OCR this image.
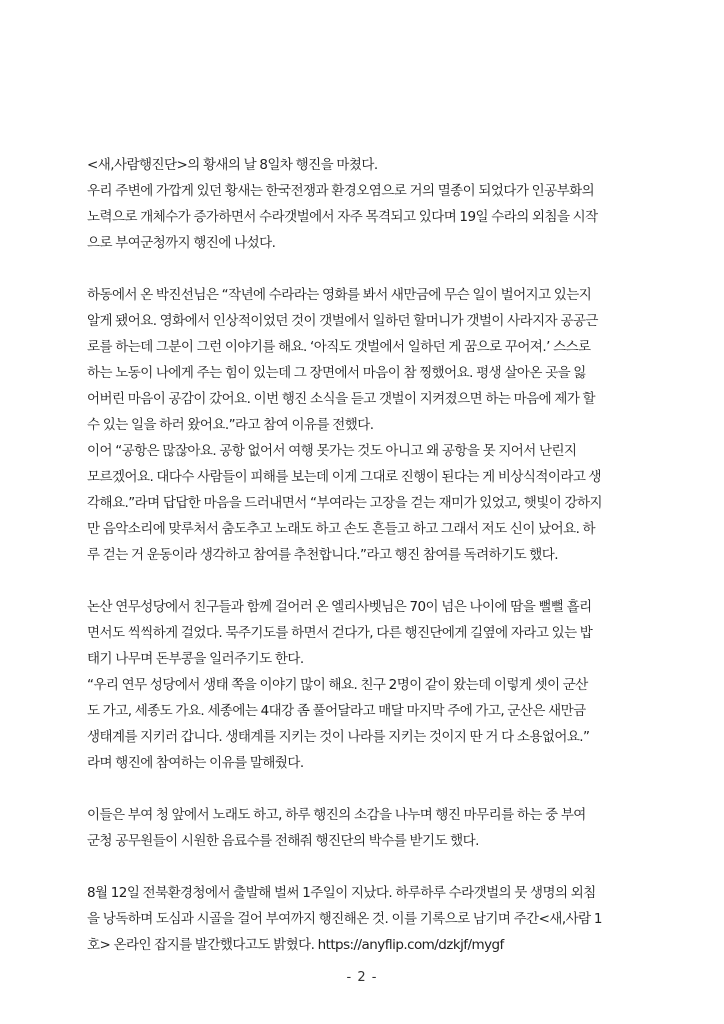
<새,사람행진단>의 황새의 날 8일차 행진을 마쳤다.
우리 주변에 가깝게 있던 황새는 한국전쟁과 환경오염으로 거의 멸종이 되었다가 인공부화의
노력으로 개체수가 증가하면서 수라갯벌에서 자주 목격되고 있다며 19일 수라의 외침을 시작
으로 부여군청까지 행진에 나섰다.
하동에서 온 박진선님은 “작년에 수라라는 영화를 봐서 새만금에 무슨 일이 벌어지고 있는지
알게 됐어요. 영화에서 인상적이었던 것이 갯벌에서 일하던 할머니가 갯벌이 사라지자 공공근
로를 하는데 그분이 그런 이야기를 해요. ‘아직도 갯벌에서 일하던 게 꿈으로 꾸어져.’ 스스로
하는 노동이 나에게 주는 힘이 있는데 그 장면에서 마음이 참 찡했어요. 평생 살아온 곳을 잃
어버린 마음이 공감이 갔어요. 이번 행진 소식을 듣고 갯벌이 지켜졌으면 하는 마음에 제가 할
수 있는 일을 하러 왔어요.”라고 참여 이유를 전했다.
이어 “공항은 많잖아요. 공항 없어서 여행 못가는 것도 아니고 왜 공항을 못 지어서 난린지
모르겠어요. 대다수 사람들이 피해를 보는데 이게 그대로 진행이 된다는 게 비상식적이라고 생
각해요.”라며 답답한 마음을 드러내면서 “부여라는 고장을 걷는 재미가 있었고, 햇빛이 강하지
만 음악소리에 맞루처서 춤도추고 노래도 하고 손도 흔들고 하고 그래서 저도 신이 났어요. 하
루 걷는 거 운동이라 생각하고 참여를 추천합니다.”라고 행진 참여를 독려하기도 했다.
논산 연무성당에서 친구들과 함께 걸어러 온 엘리사벳님은 70이 넘은 나이에 땀을 뻘뻘 흘리
면서도 씩씩하게 걸었다. 묵주기도를 하면서 걷다가, 다른 행진단에게 길옆에 자라고 있는 밥
태기 나무며 돈부콩을 일러주기도 한다.
“우리 연무 성당에서 생태 쪽을 이야기 많이 해요. 친구 2명이 같이 왔는데 이렇게 셋이 군산
도 가고, 세종도 가요. 세종에는 4대강 좀 풀어달라고 매달 마지막 주에 가고, 군산은 새만금
생태계를 지키러 갑니다. 생태계를 지키는 것이 나라를 지키는 것이지 딴 거 다 소용없어요.”
라며 행진에 참여하는 이유를 말해줬다.
이들은 부여 청 앞에서 노래도 하고, 하루 행진의 소감을 나누며 행진 마무리를 하는 중 부여
군청 공무원들이 시원한 음료수를 전해줘 행진단의 박수를 받기도 했다.
8월 12일 전북환경청에서 출발해 벌써 1주일이 지났다. 하루하루 수라갯벌의 뭇 생명의 외침
을 낭독하며 도심과 시골을 걸어 부여까지 행진해온 것. 이를 기록으로 남기며 주간<새,사람 1
호> 온라인 잡지를 발간했다고도 밝혔다. https://anyflip.com/dzkjf/mygf
- 2 -
